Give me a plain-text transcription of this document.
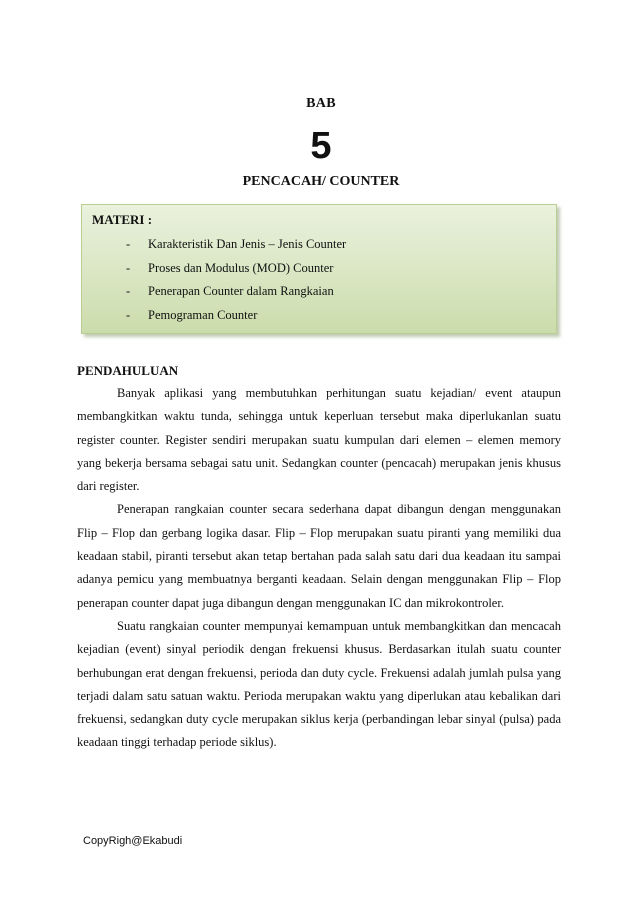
BAB
5
PENCACAH/ COUNTER
MATERI :
- Karakteristik Dan Jenis – Jenis Counter
- Proses dan Modulus (MOD) Counter
- Penerapan Counter dalam Rangkaian
- Pemograman Counter
PENDAHULUAN

Banyak aplikasi yang membutuhkan perhitungan suatu kejadian/ event ataupun membangkitkan waktu tunda, sehingga untuk keperluan tersebut maka diperlukanlan suatu register counter. Register sendiri merupakan suatu kumpulan dari elemen – elemen memory yang bekerja bersama sebagai satu unit. Sedangkan counter (pencacah) merupakan jenis khusus dari register.

Penerapan rangkaian counter secara sederhana dapat dibangun dengan menggunakan Flip – Flop dan gerbang logika dasar. Flip – Flop merupakan suatu piranti yang memiliki dua keadaan stabil, piranti tersebut akan tetap bertahan pada salah satu dari dua keadaan itu sampai adanya pemicu yang membuatnya berganti keadaan. Selain dengan menggunakan Flip – Flop penerapan counter dapat juga dibangun dengan menggunakan IC dan mikrokontroler.

Suatu rangkaian counter mempunyai kemampuan untuk membangkitkan dan mencacah kejadian (event) sinyal periodik dengan frekuensi khusus. Berdasarkan itulah suatu counter berhubungan erat dengan frekuensi, perioda dan duty cycle. Frekuensi adalah jumlah pulsa yang terjadi dalam satu satuan waktu. Perioda merupakan waktu yang diperlukan atau kebalikan dari frekuensi, sedangkan duty cycle merupakan siklus kerja (perbandingan lebar sinyal (pulsa) pada keadaan tinggi terhadap periode siklus).

CopyRigh@Ekabudi
